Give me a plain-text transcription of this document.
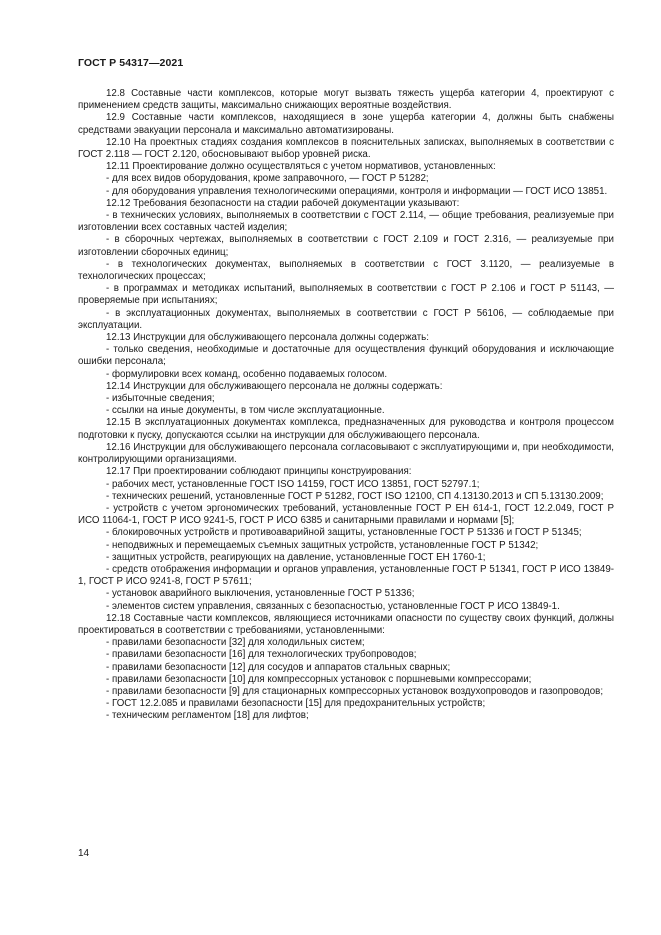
ГОСТ Р 54317—2021

12.8 Составные части комплексов, которые могут вызвать тяжесть ущерба категории 4, проектируют с применением средств защиты, максимально снижающих вероятные воздействия.

12.9 Составные части комплексов, находящиеся в зоне ущерба категории 4, должны быть снабжены средствами эвакуации персонала и максимально автоматизированы.

12.10 На проектных стадиях создания комплексов в пояснительных записках, выполняемых в соответствии с ГОСТ 2.118 — ГОСТ 2.120, обосновывают выбор уровней риска.

12.11 Проектирование должно осуществляться с учетом нормативов, установленных:

- для всех видов оборудования, кроме заправочного, — ГОСТ Р 51282;

- для оборудования управления технологическими операциями, контроля и информации — ГОСТ ИСО 13851.

12.12 Требования безопасности на стадии рабочей документации указывают:

- в технических условиях, выполняемых в соответствии с ГОСТ 2.114, — общие требования, реализуемые при изготовлении всех составных частей изделия;

- в сборочных чертежах, выполняемых в соответствии с ГОСТ 2.109 и ГОСТ 2.316, — реализуемые при изготовлении сборочных единиц;

- в технологических документах, выполняемых в соответствии с ГОСТ 3.1120, — реализуемые в технологических процессах;

- в программах и методиках испытаний, выполняемых в соответствии с ГОСТ Р 2.106 и ГОСТ Р 51143, — проверяемые при испытаниях;

- в эксплуатационных документах, выполняемых в соответствии с ГОСТ Р 56106, — соблюдаемые при эксплуатации.

12.13 Инструкции для обслуживающего персонала должны содержать:

- только сведения, необходимые и достаточные для осуществления функций оборудования и исключающие ошибки персонала;

- формулировки всех команд, особенно подаваемых голосом.

12.14 Инструкции для обслуживающего персонала не должны содержать:

- избыточные сведения;

- ссылки на иные документы, в том числе эксплуатационные.

12.15 В эксплуатационных документах комплекса, предназначенных для руководства и контроля процессом подготовки к пуску, допускаются ссылки на инструкции для обслуживающего персонала.

12.16 Инструкции для обслуживающего персонала согласовывают с эксплуатирующими и, при необходимости, контролирующими организациями.

12.17 При проектировании соблюдают принципы конструирования:

- рабочих мест, установленные ГОСТ ISO 14159, ГОСТ ИСО 13851, ГОСТ 52797.1;

- технических решений, установленные ГОСТ Р 51282, ГОСТ ISO 12100, СП 4.13130.2013 и СП 5.13130.2009;

- устройств с учетом эргономических требований, установленные ГОСТ Р ЕН 614-1, ГОСТ 12.2.049, ГОСТ Р ИСО 11064-1, ГОСТ Р ИСО 9241-5, ГОСТ Р ИСО 6385 и санитарными правилами и нормами [5];

- блокировочных устройств и противоаварийной защиты, установленные ГОСТ Р 51336 и ГОСТ Р 51345;

- неподвижных и перемещаемых съемных защитных устройств, установленные ГОСТ Р 51342;

- защитных устройств, реагирующих на давление, установленные ГОСТ ЕН 1760-1;

- средств отображения информации и органов управления, установленные ГОСТ Р 51341, ГОСТ Р ИСО 13849-1, ГОСТ Р ИСО 9241-8, ГОСТ Р 57611;

- установок аварийного выключения, установленные ГОСТ Р 51336;

- элементов систем управления, связанных с безопасностью, установленные ГОСТ Р ИСО 13849-1.

12.18 Составные части комплексов, являющиеся источниками опасности по существу своих функций, должны проектироваться в соответствии с требованиями, установленными:

- правилами безопасности [32] для холодильных систем;

- правилами безопасности [16] для технологических трубопроводов;

- правилами безопасности [12] для сосудов и аппаратов стальных сварных;

- правилами безопасности [10] для компрессорных установок с поршневыми компрессорами;

- правилами безопасности [9] для стационарных компрессорных установок воздухопроводов и газопроводов;

- ГОСТ 12.2.085 и правилами безопасности [15] для предохранительных устройств;

- техническим регламентом [18] для лифтов;

14
